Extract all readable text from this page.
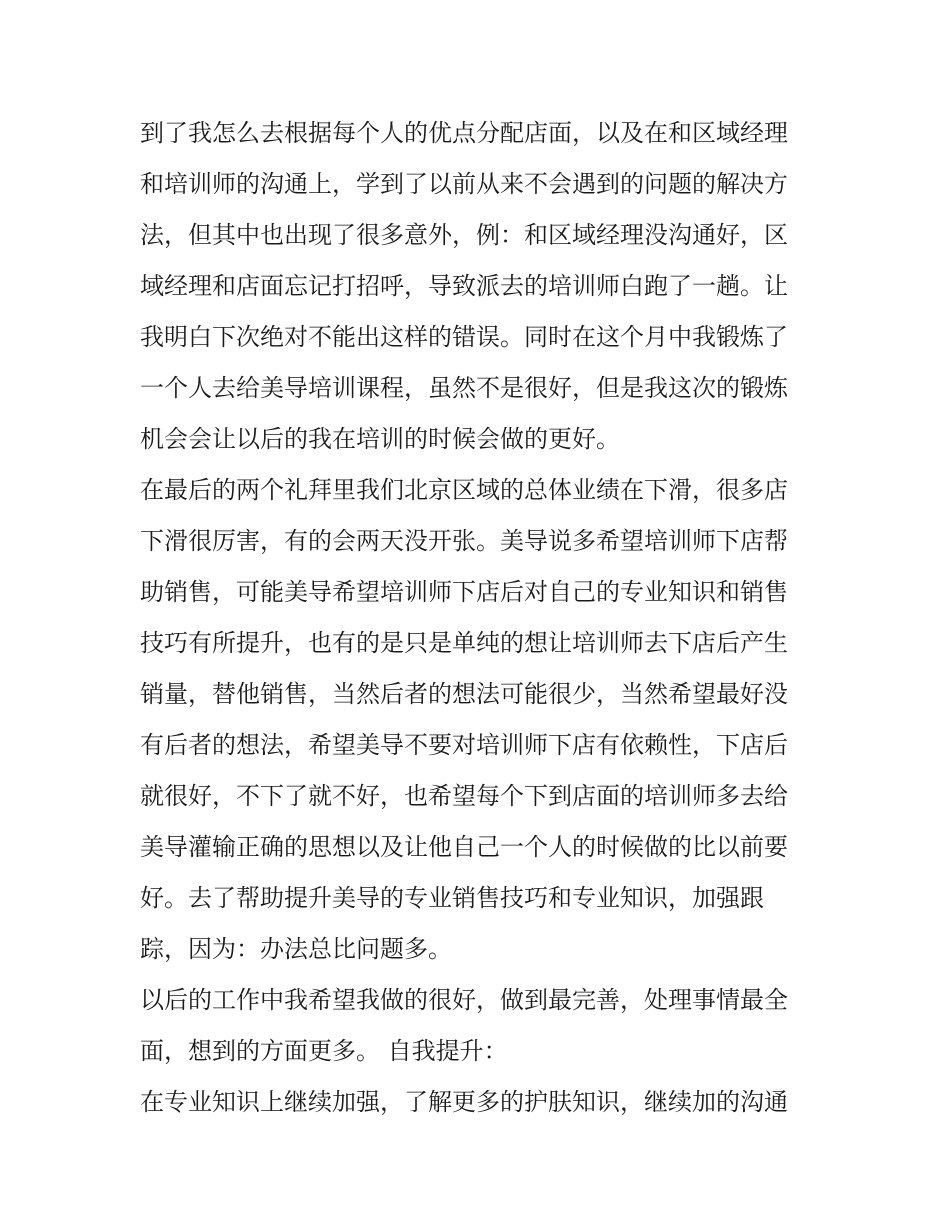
到了我怎么去根据每个人的优点分配店面，以及在和区域经理
和培训师的沟通上，学到了以前从来不会遇到的问题的解决方
法，但其中也出现了很多意外，例：和区域经理没沟通好，区
域经理和店面忘记打招呼，导致派去的培训师白跑了一趟。让
我明白下次绝对不能出这样的错误。同时在这个月中我锻炼了
一个人去给美导培训课程，虽然不是很好，但是我这次的锻炼
机会会让以后的我在培训的时候会做的更好。
在最后的两个礼拜里我们北京区域的总体业绩在下滑，很多店
下滑很厉害，有的会两天没开张。美导说多希望培训师下店帮
助销售，可能美导希望培训师下店后对自己的专业知识和销售
技巧有所提升，也有的是只是单纯的想让培训师去下店后产生
销量，替他销售，当然后者的想法可能很少，当然希望最好没
有后者的想法，希望美导不要对培训师下店有依赖性，下店后
就很好，不下了就不好，也希望每个下到店面的培训师多去给
美导灌输正确的思想以及让他自己一个人的时候做的比以前要
好。去了帮助提升美导的专业销售技巧和专业知识，加强跟
踪，因为：办法总比问题多。
以后的工作中我希望我做的很好，做到最完善，处理事情最全
面，想到的方面更多。 自我提升：
在专业知识上继续加强，了解更多的护肤知识，继续加的沟通
